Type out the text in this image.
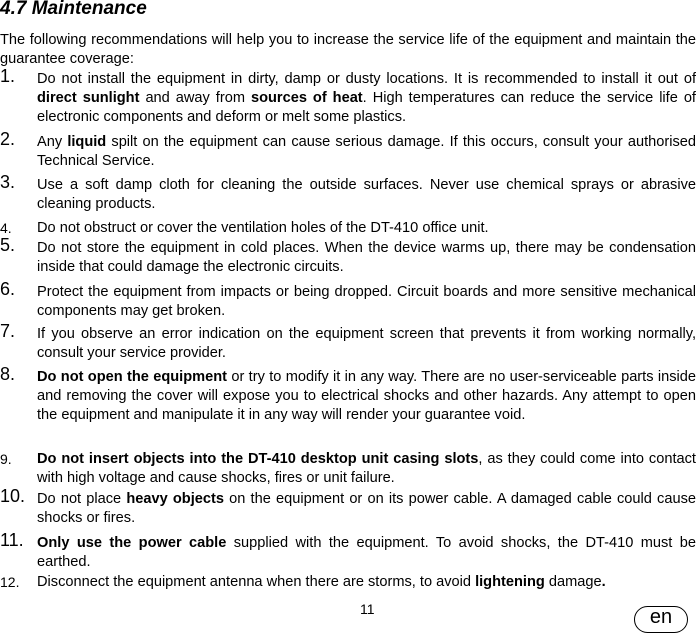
4.7 Maintenance

The following recommendations will help you to increase the service life of the equipment and maintain the guarantee coverage:

1. Do not install the equipment in dirty, damp or dusty locations. It is recommended to install it out of direct sunlight and away from sources of heat. High temperatures can reduce the service life of electronic components and deform or melt some plastics.
2. Any liquid spilt on the equipment can cause serious damage. If this occurs, consult your authorised Technical Service.
3. Use a soft damp cloth for cleaning the outside surfaces. Never use chemical sprays or abrasive cleaning products.
4. Do not obstruct or cover the ventilation holes of the DT-410 office unit.
5. Do not store the equipment in cold places. When the device warms up, there may be condensation inside that could damage the electronic circuits.
6. Protect the equipment from impacts or being dropped. Circuit boards and more sensitive mechanical components may get broken.
7. If you observe an error indication on the equipment screen that prevents it from working normally, consult your service provider.
8. Do not open the equipment or try to modify it in any way. There are no user-serviceable parts inside and removing the cover will expose you to electrical shocks and other hazards. Any attempt to open the equipment and manipulate it in any way will render your guarantee void.
9. Do not insert objects into the DT-410 desktop unit casing slots, as they could come into contact with high voltage and cause shocks, fires or unit failure.
10. Do not place heavy objects on the equipment or on its power cable. A damaged cable could cause shocks or fires.
11. Only use the power cable supplied with the equipment. To avoid shocks, the DT-410 must be earthed.
12. Disconnect the equipment antenna when there are storms, to avoid lightening damage.
11	en
